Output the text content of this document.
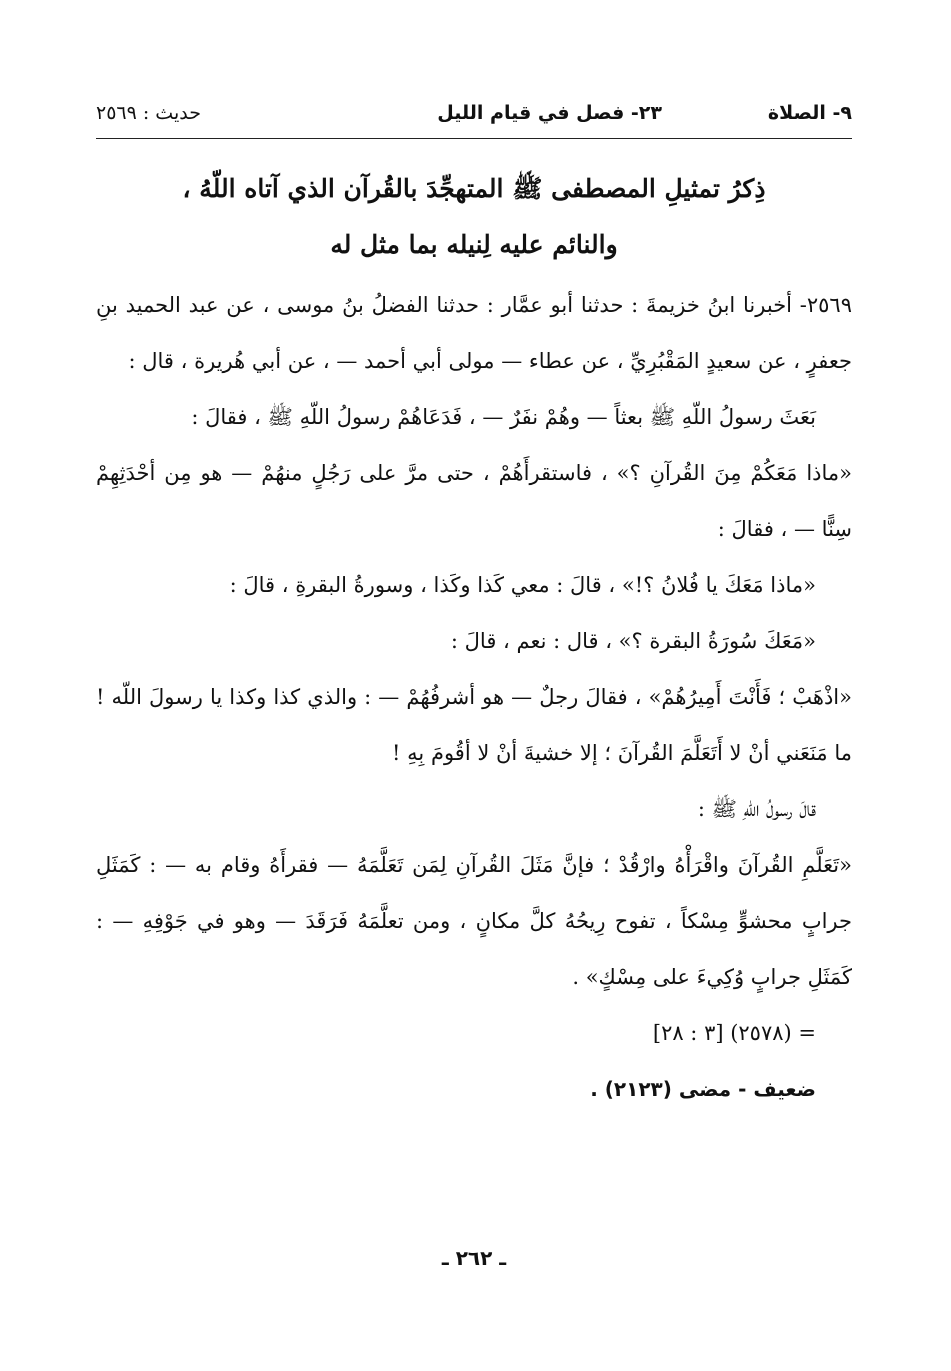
٩- الصلاة
٢٣- فصل في قيام الليل
حديث : ٢٥٦٩
ذِكرُ تمثيلِ المصطفى ﷺ المتهجِّدَ بالقُرآن الذي آتاه اللّهُ ،
والنائم عليه لِنيله بما مثل له

٢٥٦٩- أخبرنا ابنُ خزيمةَ : حدثنا أبو عمَّار : حدثنا الفضلُ بنُ موسى ، عن عبد الحميد بنِ جعفرٍ ، عن سعيدٍ المَقْبُرِيِّ ، عن عطاء — مولى أبي أحمد — ، عن أبي هُريرة ، قال :

بَعَثَ رسولُ اللّهِ ﷺ بعثاً — وهُمْ نفَرٌ — ، فَدَعَاهُمْ رسولُ اللّهِ ﷺ ، فقالَ :

«ماذا مَعَكُمْ مِنَ القُرآنِ ؟» ، فاستقرأَهُمْ ، حتى مرَّ على رَجُلٍ منهُمْ — هو مِن أحْدَثِهِمْ سِنًّا — ، فقالَ :

«ماذا مَعَكَ يا فُلانُ ؟!» ، قالَ : معي كَذا وكَذا ، وسورةُ البقرةِ ، قالَ :

«مَعَكَ سُورَةُ البقرة ؟» ، قال : نعم ، قالَ :

«اذْهَبْ ؛ فَأَنْتَ أَمِيرُهُمْ» ، فقالَ رجلٌ — هو أشرفُهُمْ — : والذي كذا وكذا يا رسولَ اللّه ! ما مَنَعَني أنْ لا أَتَعَلَّمَ القُرآنَ ؛ إلا خشيةَ أنْ لا أقُومَ بِهِ !

قالَ رسولُ اللّهِ ﷺ :

«تَعَلَّمِ القُرآنَ واقْرَأْهُ وارْقُدْ ؛ فإنَّ مَثَلَ القُرآنِ لِمَن تَعَلَّمَهُ — فقرأَهُ وقام به — : كَمَثَلِ جرابٍ محشوٍّ مِسْكاً ، تفوح رِيحُهُ كلَّ مكانٍ ، ومن تعلَّمَهُ فَرَقَدَ — وهو في جَوْفِهِ — : كَمَثَلِ جرابٍ وُكِيءَ على مِسْكٍ» .

= (٢٥٧٨) [٣ : ٢٨]

ضعيف - مضى (٢١٢٣) .

ـ ٢٦٢ ـ
